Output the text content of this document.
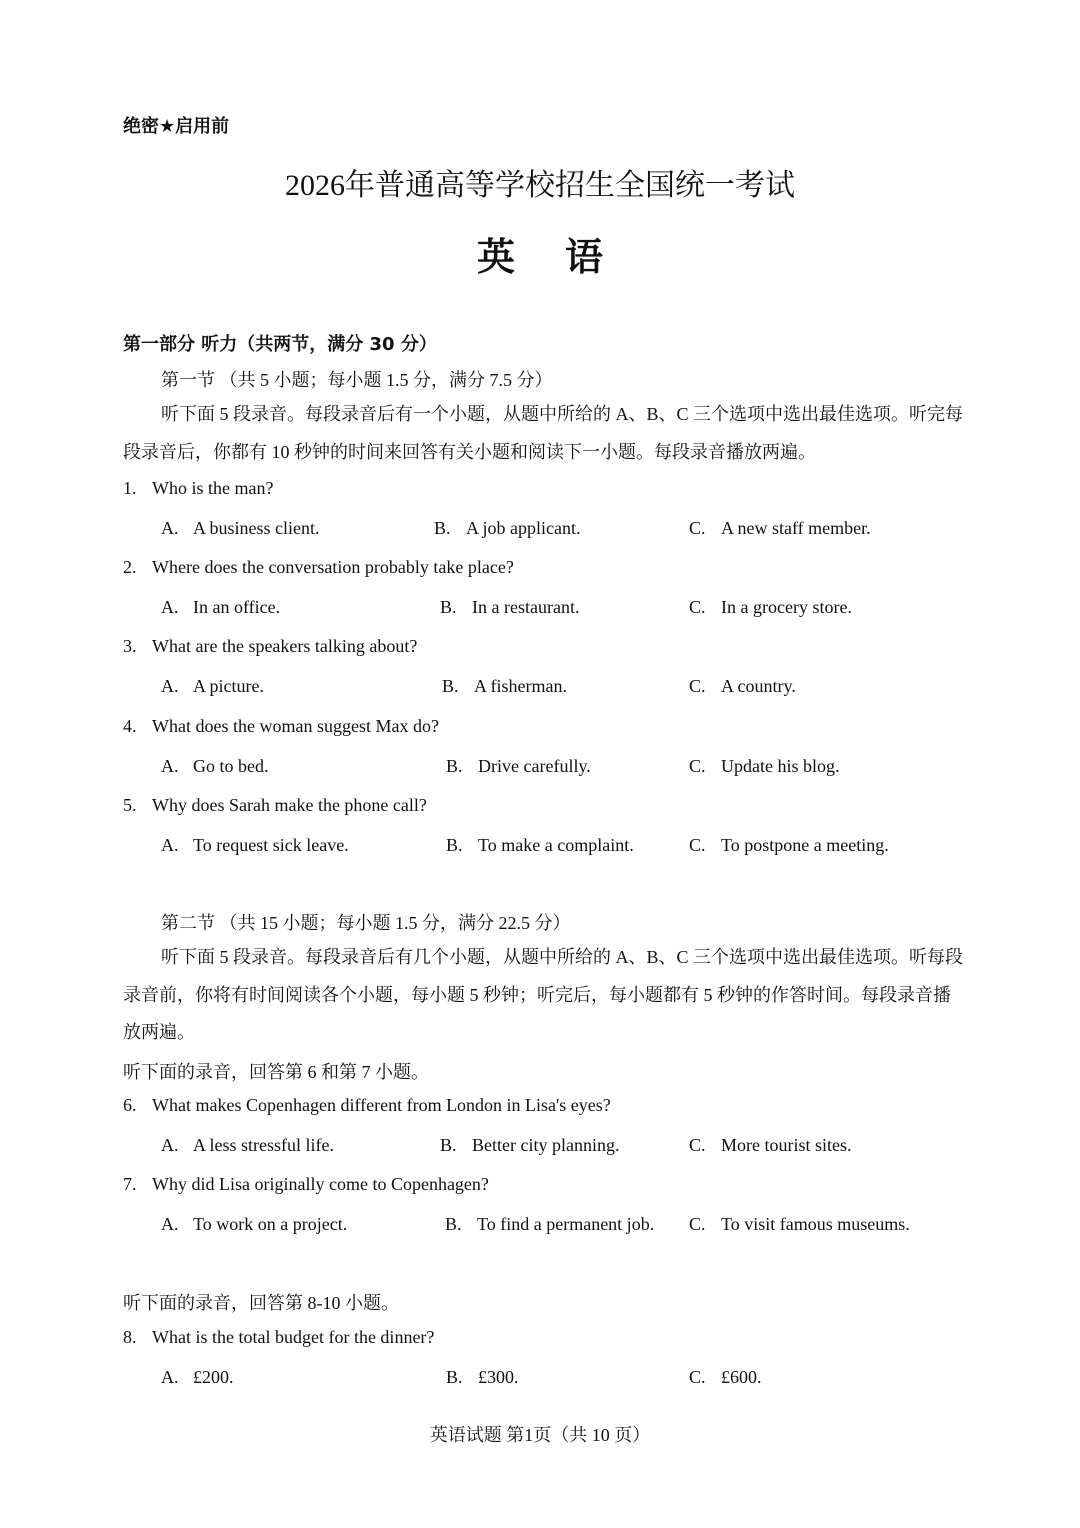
绝密★启用前
2026年普通高等学校招生全国统一考试
英语
第一部分 听力（共两节，满分 30 分）
第一节 （共 5 小题；每小题 1.5 分，满分 7.5 分）
听下面 5 段录音。每段录音后有一个小题，从题中所给的 A、B、C 三个选项中选出最佳选项。听完每段录音后，你都有 10 秒钟的时间来回答有关小题和阅读下一小题。每段录音播放两遍。
1. Who is the man?
A. A business client.	B. A job applicant.	C. A new staff member.
2. Where does the conversation probably take place?
A. In an office.	B. In a restaurant.	C. In a grocery store.
3. What are the speakers talking about?
A. A picture.	B. A fisherman.	C. A country.
4. What does the woman suggest Max do?
A. Go to bed.	B. Drive carefully.	C. Update his blog.
5. Why does Sarah make the phone call?
A. To request sick leave.	B. To make a complaint.	C. To postpone a meeting.
第二节 （共 15 小题；每小题 1.5 分，满分 22.5 分）
听下面 5 段录音。每段录音后有几个小题，从题中所给的 A、B、C 三个选项中选出最佳选项。听每段录音前，你将有时间阅读各个小题，每小题 5 秒钟；听完后，每小题都有 5 秒钟的作答时间。每段录音播放两遍。
听下面的录音，回答第 6 和第 7 小题。
6. What makes Copenhagen different from London in Lisa's eyes?
A. A less stressful life.	B. Better city planning.	C. More tourist sites.
7. Why did Lisa originally come to Copenhagen?
A. To work on a project.	B. To find a permanent job. C. To visit famous museums.
听下面的录音，回答第 8-10 小题。
8. What is the total budget for the dinner?
A. £200.	B. £300.	C. £600.
英语试题 第1页（共 10 页）
